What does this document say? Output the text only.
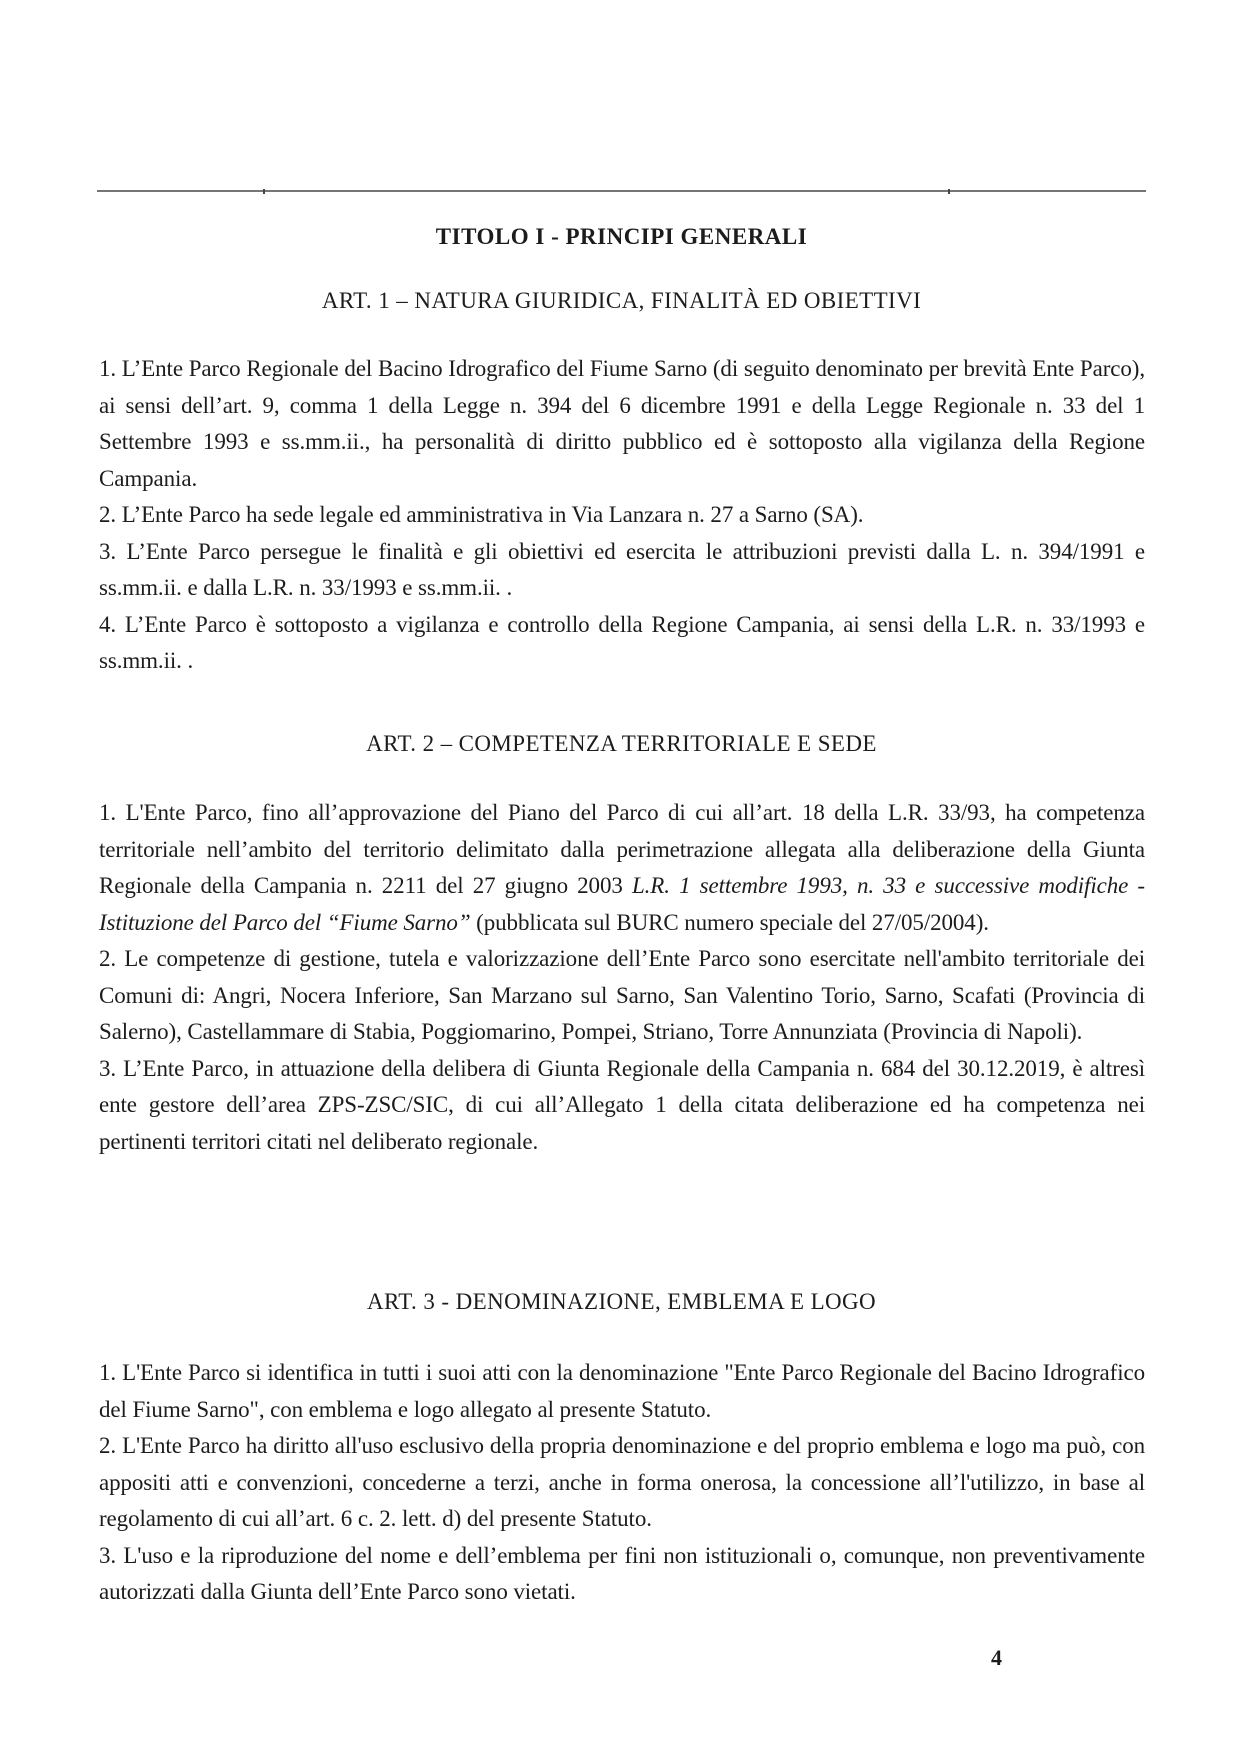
TITOLO I - PRINCIPI GENERALI
ART. 1 – NATURA GIURIDICA, FINALITÀ ED OBIETTIVI

1. L’Ente Parco Regionale del Bacino Idrografico del Fiume Sarno (di seguito denominato per brevità Ente Parco), ai sensi dell’art. 9, comma 1 della Legge n. 394 del 6 dicembre 1991 e della Legge Regionale n. 33 del 1 Settembre 1993 e ss.mm.ii., ha personalità di diritto pubblico ed è sottoposto alla vigilanza della Regione Campania.

2. L’Ente Parco ha sede legale ed amministrativa in Via Lanzara n. 27 a Sarno (SA).

3. L’Ente Parco persegue le finalità e gli obiettivi ed esercita le attribuzioni previsti dalla L. n. 394/1991 e ss.mm.ii. e dalla L.R. n. 33/1993 e ss.mm.ii. .

4. L’Ente Parco è sottoposto a vigilanza e controllo della Regione Campania, ai sensi della L.R. n. 33/1993 e ss.mm.ii. .

ART. 2 – COMPETENZA TERRITORIALE E SEDE

1. L'Ente Parco, fino all’approvazione del Piano del Parco di cui all’art. 18 della L.R. 33/93, ha competenza territoriale nell’ambito del territorio delimitato dalla perimetrazione allegata alla deliberazione della Giunta Regionale della Campania n. 2211 del 27 giugno 2003 L.R. 1 settembre 1993, n. 33 e successive modifiche - Istituzione del Parco del “Fiume Sarno” (pubblicata sul BURC numero speciale del 27/05/2004).

2. Le competenze di gestione, tutela e valorizzazione dell’Ente Parco sono esercitate nell'ambito territoriale dei Comuni di: Angri, Nocera Inferiore, San Marzano sul Sarno, San Valentino Torio, Sarno, Scafati (Provincia di Salerno), Castellammare di Stabia, Poggiomarino, Pompei, Striano, Torre Annunziata (Provincia di Napoli).

3. L’Ente Parco, in attuazione della delibera di Giunta Regionale della Campania n. 684 del 30.12.2019, è altresì ente gestore dell’area ZPS-ZSC/SIC, di cui all’Allegato 1 della citata deliberazione ed ha competenza nei pertinenti territori citati nel deliberato regionale.

ART. 3 - DENOMINAZIONE, EMBLEMA E LOGO

1. L'Ente Parco si identifica in tutti i suoi atti con la denominazione "Ente Parco Regionale del Bacino Idrografico del Fiume Sarno", con emblema e logo allegato al presente Statuto.

2. L'Ente Parco ha diritto all'uso esclusivo della propria denominazione e del proprio emblema e logo ma può, con appositi atti e convenzioni, concederne a terzi, anche in forma onerosa, la concessione all’l'utilizzo, in base al regolamento di cui all’art. 6 c. 2. lett. d) del presente Statuto.

3. L'uso e la riproduzione del nome e dell’emblema per fini non istituzionali o, comunque, non preventivamente autorizzati dalla Giunta dell’Ente Parco sono vietati.

4
